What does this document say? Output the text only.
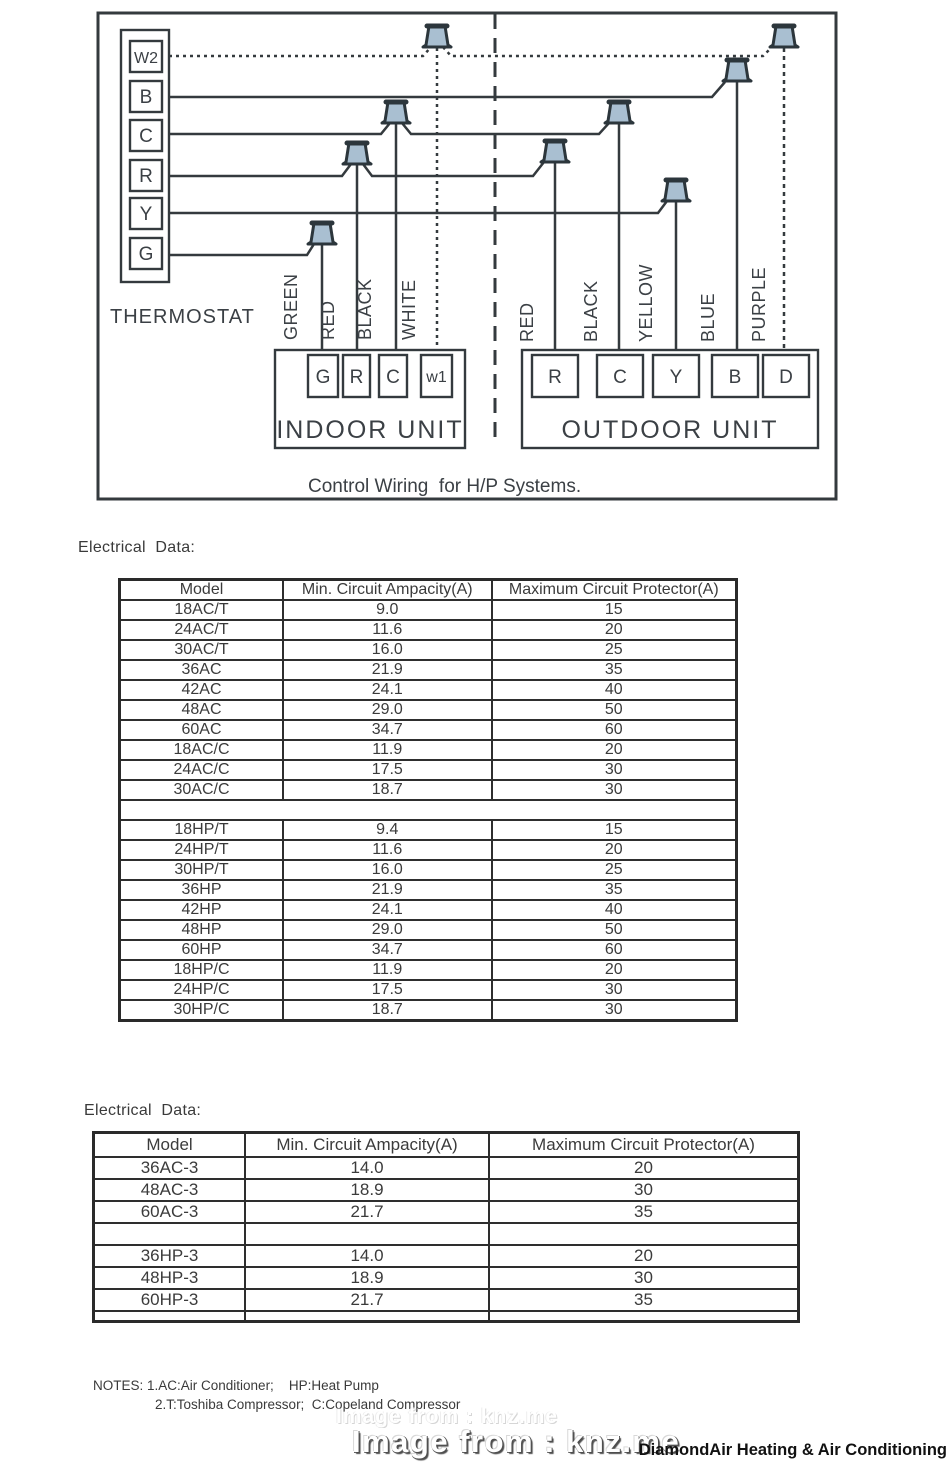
W2
B
C
R
Y
G
THERMOSTAT GREEN RED BLACK WHITE	RED BLACK YELLOW BLUE PURPLE
G R C w1
INDOOR UNIT
R	C Y B D
OUTDOOR UNIT
Control Wiring  for H/P Systems.
Electrical  Data:
Model	Min. Circuit Ampacity(A)	Maximum Circuit Protector(A)
18AC/T	9.0	15
24AC/T	11.6	20
30AC/T	16.0	25
36AC	21.9	35
42AC	24.1	40
48AC	29.0	50
60AC	34.7	60
18AC/C	11.9	20
24AC/C	17.5	30
30AC/C	18.7	30

18HP/T	9.4	15
24HP/T	11.6	20
30HP/T	16.0	25
36HP	21.9	35
42HP	24.1	40
48HP	29.0	50
60HP	34.7	60
18HP/C	11.9	20
24HP/C	17.5	30
30HP/C	18.7	30
Electrical  Data:
Model	Min. Circuit Ampacity(A)	Maximum Circuit Protector(A)
36AC-3	14.0	20
48AC-3	18.9	30
60AC-3	21.7	35

36HP-3	14.0	20
48HP-3	18.9	30
60HP-3	21.7	35

NOTES: 1.AC:Air Conditioner;    HP:Heat Pump
2.T:Toshiba Compressor;  C:Copeland Compressor
Image from : knz.me
Image from : knz.me
DiamondAir Heating & Air Conditioning
